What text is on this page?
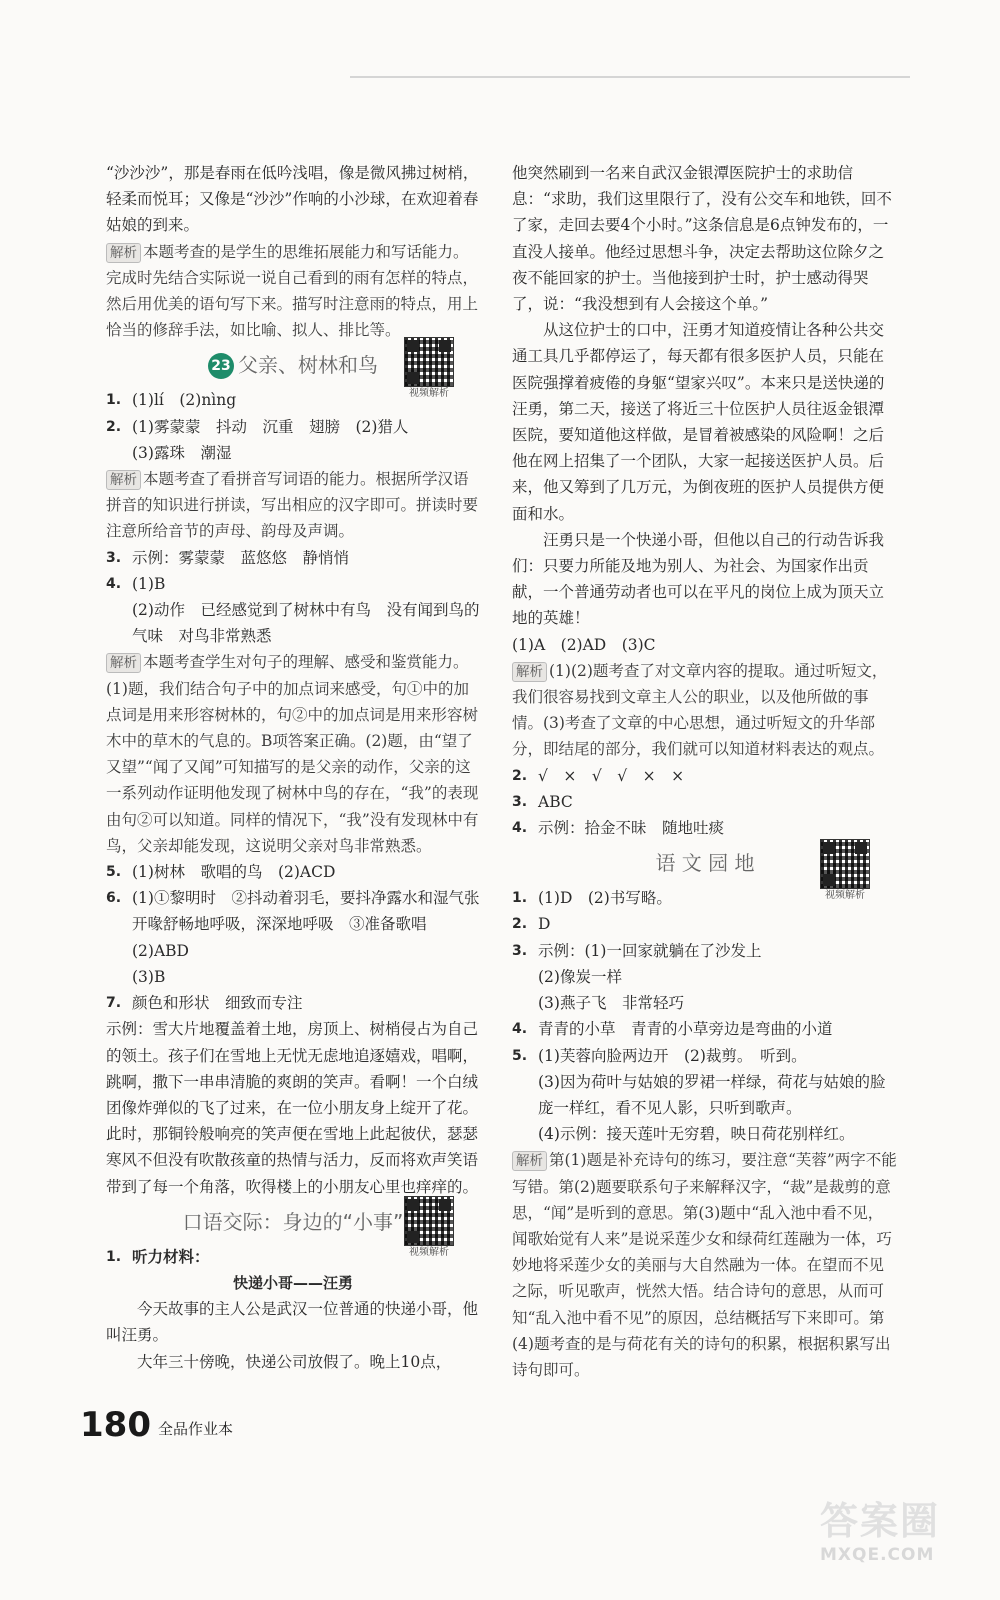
“沙沙沙”，那是春雨在低吟浅唱，像是微风拂过树梢，轻柔而悦耳；又像是“沙沙”作响的小沙球，在欢迎着春姑娘的到来。

解析 本题考查的是学生的思维拓展能力和写话能力。完成时先结合实际说一说自己看到的雨有怎样的特点，然后用优美的语句写下来。描写时注意雨的特点，用上恰当的修辞手法，如比喻、拟人、排比等。

23 父亲、树林和鸟
视频解析
1. (1)lí　(2)nìng
2. (1)雾蒙蒙　抖动　沉重　翅膀　(2)猎人
(3)露珠　潮湿

解析 本题考查了看拼音写词语的能力。根据所学汉语拼音的知识进行拼读，写出相应的汉字即可。拼读时要注意所给音节的声母、韵母及声调。

3. 示例：雾蒙蒙　蓝悠悠　静悄悄
4. (1)B
(2)动作　已经感觉到了树林中有鸟　没有闻到鸟的气味　对鸟非常熟悉

解析 本题考查学生对句子的理解、感受和鉴赏能力。(1)题，我们结合句子中的加点词来感受，句①中的加点词是用来形容树林的，句②中的加点词是用来形容树木中的草木的气息的。B项答案正确。(2)题，由“望了又望”“闻了又闻”可知描写的是父亲的动作，父亲的这一系列动作证明他发现了树林中鸟的存在，“我”的表现由句②可以知道。同样的情况下，“我”没有发现林中有鸟，父亲却能发现，这说明父亲对鸟非常熟悉。

5. (1)树林　歌唱的鸟　(2)ACD
6. (1)①黎明时　②抖动着羽毛，要抖净露水和湿气张开喙舒畅地呼吸，深深地呼吸　③准备歌唱
(2)ABD
(3)B
7. 颜色和形状　细致而专注

示例：雪大片地覆盖着土地，房顶上、树梢侵占为自己的领土。孩子们在雪地上无忧无虑地追逐嬉戏，唱啊，跳啊，撒下一串串清脆的爽朗的笑声。看啊！一个白绒团像炸弹似的飞了过来，在一位小朋友身上绽开了花。此时，那铜铃般响亮的笑声便在雪地上此起彼伏，瑟瑟寒风不但没有吹散孩童的热情与活力，反而将欢声笑语带到了每一个角落，吹得楼上的小朋友心里也痒痒的。

口语交际：身边的“小事”
视频解析
1. 听力材料：
快递小哥——汪勇

今天故事的主人公是武汉一位普通的快递小哥，他叫汪勇。

大年三十傍晚，快递公司放假了。晚上10点，

他突然刷到一名来自武汉金银潭医院护士的求助信息：“求助，我们这里限行了，没有公交车和地铁，回不了家，走回去要4个小时。”这条信息是6点钟发布的，一直没人接单。他经过思想斗争，决定去帮助这位除夕之夜不能回家的护士。当他接到护士时，护士感动得哭了，说：“我没想到有人会接这个单。”

从这位护士的口中，汪勇才知道疫情让各种公共交通工具几乎都停运了，每天都有很多医护人员，只能在医院强撑着疲倦的身躯“望家兴叹”。本来只是送快递的汪勇，第二天，接送了将近三十位医护人员往返金银潭医院，要知道他这样做，是冒着被感染的风险啊！之后他在网上招集了一个团队，大家一起接送医护人员。后来，他又筹到了几万元，为倒夜班的医护人员提供方便面和水。

汪勇只是一个快递小哥，但他以自己的行动告诉我们：只要力所能及地为别人、为社会、为国家作出贡献，一个普通劳动者也可以在平凡的岗位上成为顶天立地的英雄！

(1)A　(2)AD　(3)C

解析 (1)(2)题考查了对文章内容的提取。通过听短文，我们很容易找到文章主人公的职业，以及他所做的事情。(3)考查了文章的中心思想，通过听短文的升华部分，即结尾的部分，我们就可以知道材料表达的观点。

2. √　×　√　√　×　×
3. ABC
4. 示例：拾金不昧　随地吐痰
语 文 园 地
视频解析
1. (1)D　(2)书写略。
2. D
3. 示例：(1)一回家就躺在了沙发上
(2)像炭一样
(3)燕子飞　非常轻巧
4. 青青的小草　青青的小草旁边是弯曲的小道
5. (1)芙蓉向脸两边开　(2)裁剪。　听到。
(3)因为荷叶与姑娘的罗裙一样绿，荷花与姑娘的脸庞一样红，看不见人影，只听到歌声。
(4)示例：接天莲叶无穷碧，映日荷花别样红。

解析 第(1)题是补充诗句的练习，要注意“芙蓉”两字不能写错。第(2)题要联系句子来解释汉字，“裁”是裁剪的意思，“闻”是听到的意思。第(3)题中“乱入池中看不见，闻歌始觉有人来”是说采莲少女和绿荷红莲融为一体，巧妙地将采莲少女的美丽与大自然融为一体。在望而不见之际，听见歌声，恍然大悟。结合诗句的意思，从而可知“乱入池中看不见”的原因，总结概括写下来即可。第(4)题考查的是与荷花有关的诗句的积累，根据积累写出诗句即可。

180 全品作业本
答案圈
MXQE.COM
